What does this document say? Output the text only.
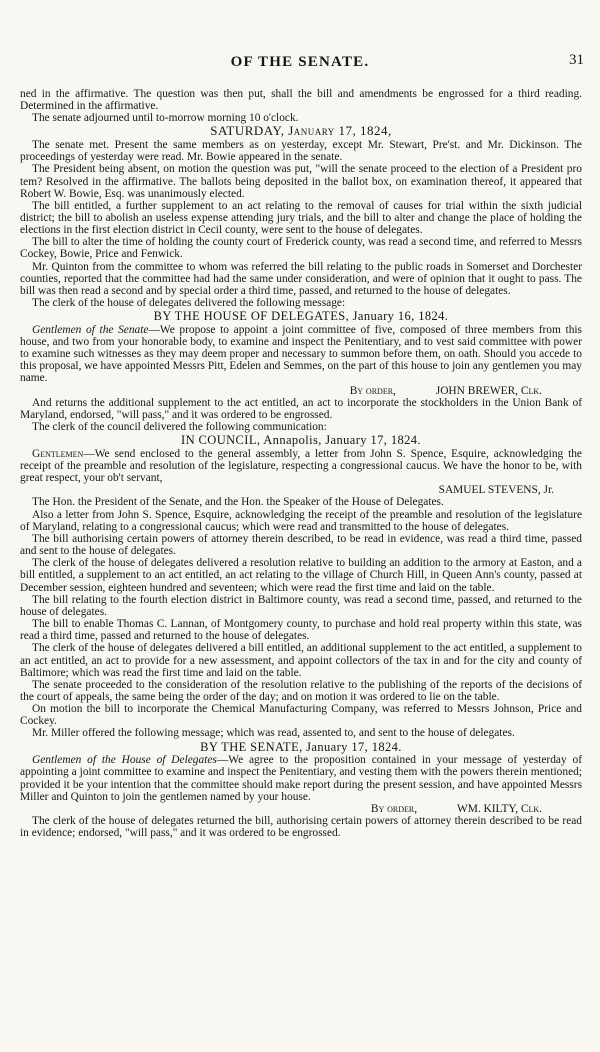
OF THE SENATE.	31
ned in the affirmative. The question was then put, shall the bill and amendments be engrossed for a third reading. Determined in the affirmative.
The senate adjourned until to-morrow morning 10 o'clock.
SATURDAY, January 17, 1824,
The senate met. Present the same members as on yesterday, except Mr. Stewart, Pre'st. and Mr. Dickinson. The proceedings of yesterday were read. Mr. Bowie appeared in the senate.
The President being absent, on motion the question was put, "will the senate proceed to the election of a President pro tem? Resolved in the affirmative. The ballots being deposited in the ballot box, on examination thereof, it appeared that Robert W. Bowie, Esq. was unanimously elected.
The bill entitled, a further supplement to an act relating to the removal of causes for trial within the sixth judicial district; the bill to abolish an useless expense attending jury trials, and the bill to alter and change the place of holding the elections in the first election district in Cecil county, were sent to the house of delegates.
The bill to alter the time of holding the county court of Frederick county, was read a second time, and referred to Messrs Cockey, Bowie, Price and Fenwick.
Mr. Quinton from the committee to whom was referred the bill relating to the public roads in Somerset and Dorchester counties, reported that the committee had had the same under consideration, and were of opinion that it ought to pass. The bill was then read a second and by special order a third time, passed, and returned to the house of delegates.
The clerk of the house of delegates delivered the following message:
BY THE HOUSE OF DELEGATES, January 16, 1824.
Gentlemen of the Senate—We propose to appoint a joint committee of five, composed of three members from this house, and two from your honorable body, to examine and inspect the Penitentiary, and to vest said committee with power to examine such witnesses as they may deem proper and necessary to summon before them, on oath. Should you accede to this proposal, we have appointed Messrs Pitt, Edelen and Semmes, on the part of this house to join any gentlemen you may name.
By order,	JOHN BREWER, Clk.
And returns the additional supplement to the act entitled, an act to incorporate the stockholders in the Union Bank of Maryland, endorsed, "will pass," and it was ordered to be engrossed.
The clerk of the council delivered the following communication:
IN COUNCIL, Annapolis, January 17, 1824.
Gentlemen—We send enclosed to the general assembly, a letter from John S. Spence, Esquire, acknowledging the receipt of the preamble and resolution of the legislature, respecting a congressional caucus. We have the honor to be, with great respect, your ob't servant,
SAMUEL STEVENS, Jr.
The Hon. the President of the Senate, and the Hon. the Speaker of the House of Delegates.
Also a letter from John S. Spence, Esquire, acknowledging the receipt of the preamble and resolution of the legislature of Maryland, relating to a congressional caucus; which were read and transmitted to the house of delegates.
The bill authorising certain powers of attorney therein described, to be read in evidence, was read a third time, passed and sent to the house of delegates.
The clerk of the house of delegates delivered a resolution relative to building an addition to the armory at Easton, and a bill entitled, a supplement to an act entitled, an act relating to the village of Church Hill, in Queen Ann's county, passed at December session, eighteen hundred and seventeen; which were read the first time and laid on the table.
The bill relating to the fourth election district in Baltimore county, was read a second time, passed, and returned to the house of delegates.
The bill to enable Thomas C. Lannan, of Montgomery county, to purchase and hold real property within this state, was read a third time, passed and returned to the house of delegates.
The clerk of the house of delegates delivered a bill entitled, an additional supplement to the act entitled, a supplement to an act entitled, an act to provide for a new assessment, and appoint collectors of the tax in and for the city and county of Baltimore; which was read the first time and laid on the table.
The senate proceeded to the consideration of the resolution relative to the publishing of the reports of the decisions of the court of appeals, the same being the order of the day; and on motion it was ordered to lie on the table.
On motion the bill to incorporate the Chemical Manufacturing Company, was referred to Messrs Johnson, Price and Cockey.
Mr. Miller offered the following message; which was read, assented to, and sent to the house of delegates.
BY THE SENATE, January 17, 1824.
Gentlemen of the House of Delegates—We agree to the proposition contained in your message of yesterday of appointing a joint committee to examine and inspect the Penitentiary, and vesting them with the powers therein mentioned; provided it be your intention that the committee should make report during the present session, and have appointed Messrs Miller and Quinton to join the gentlemen named by your house.
By order,	WM. KILTY, Clk.
The clerk of the house of delegates returned the bill, authorising certain powers of attorney therein described to be read in evidence; endorsed, "will pass," and it was ordered to be engrossed.
